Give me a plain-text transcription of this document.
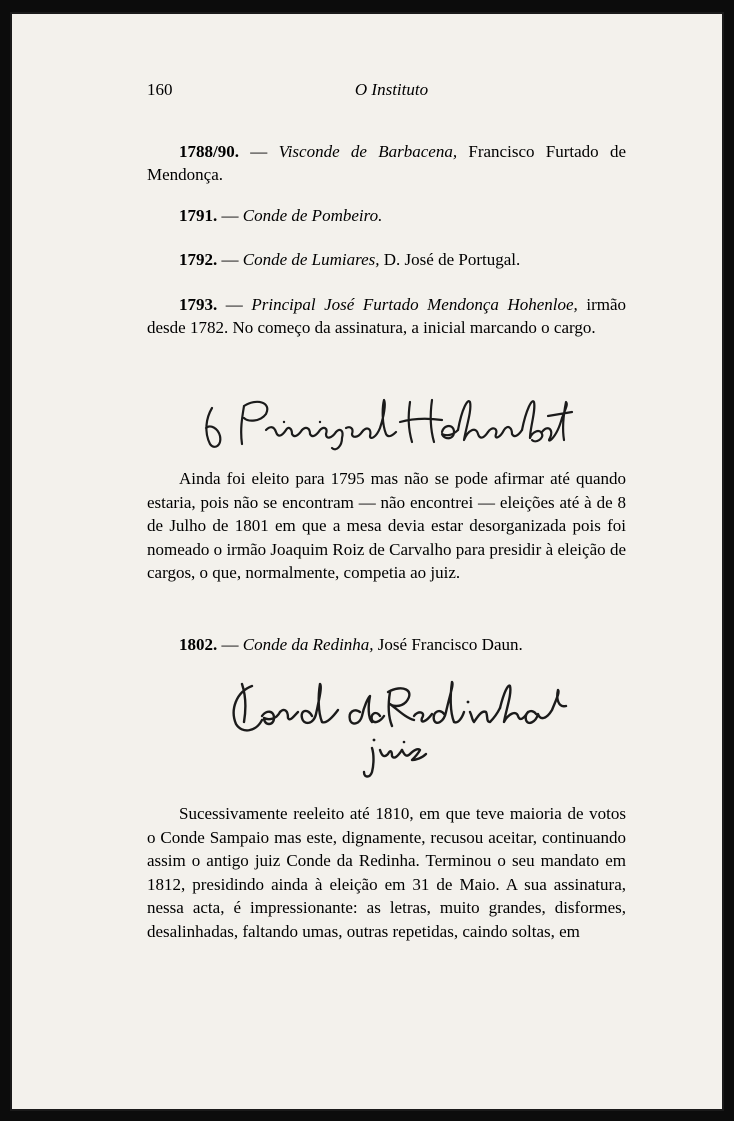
160	O Instituto
1788/90. — Visconde de Barbacena, Francisco Furtado de Mendonça.
1791. — Conde de Pombeiro.
1792. — Conde de Lumiares, D. José de Portugal.
1793. — Principal José Furtado Mendonça Hohenloe, irmão desde 1782. No começo da assinatura, a inicial marcando o cargo.
Ainda foi eleito para 1795 mas não se pode afirmar até quando estaria, pois não se encontram — não encontrei — eleições até à de 8 de Julho de 1801 em que a mesa devia estar desorganizada pois foi nomeado o irmão Joaquim Roiz de Carvalho para presidir à eleição de cargos, o que, normalmente, competia ao juiz.
1802. — Conde da Redinha, José Francisco Daun.
Sucessivamente reeleito até 1810, em que teve maioria de votos o Conde Sampaio mas este, dignamente, recusou aceitar, continuando assim o antigo juiz Conde da Redinha. Terminou o seu mandato em 1812, presidindo ainda à eleição em 31 de Maio. A sua assinatura, nessa acta, é impressionante: as letras, muito grandes, disformes, desalinhadas, faltando umas, outras repetidas, caindo soltas, em
